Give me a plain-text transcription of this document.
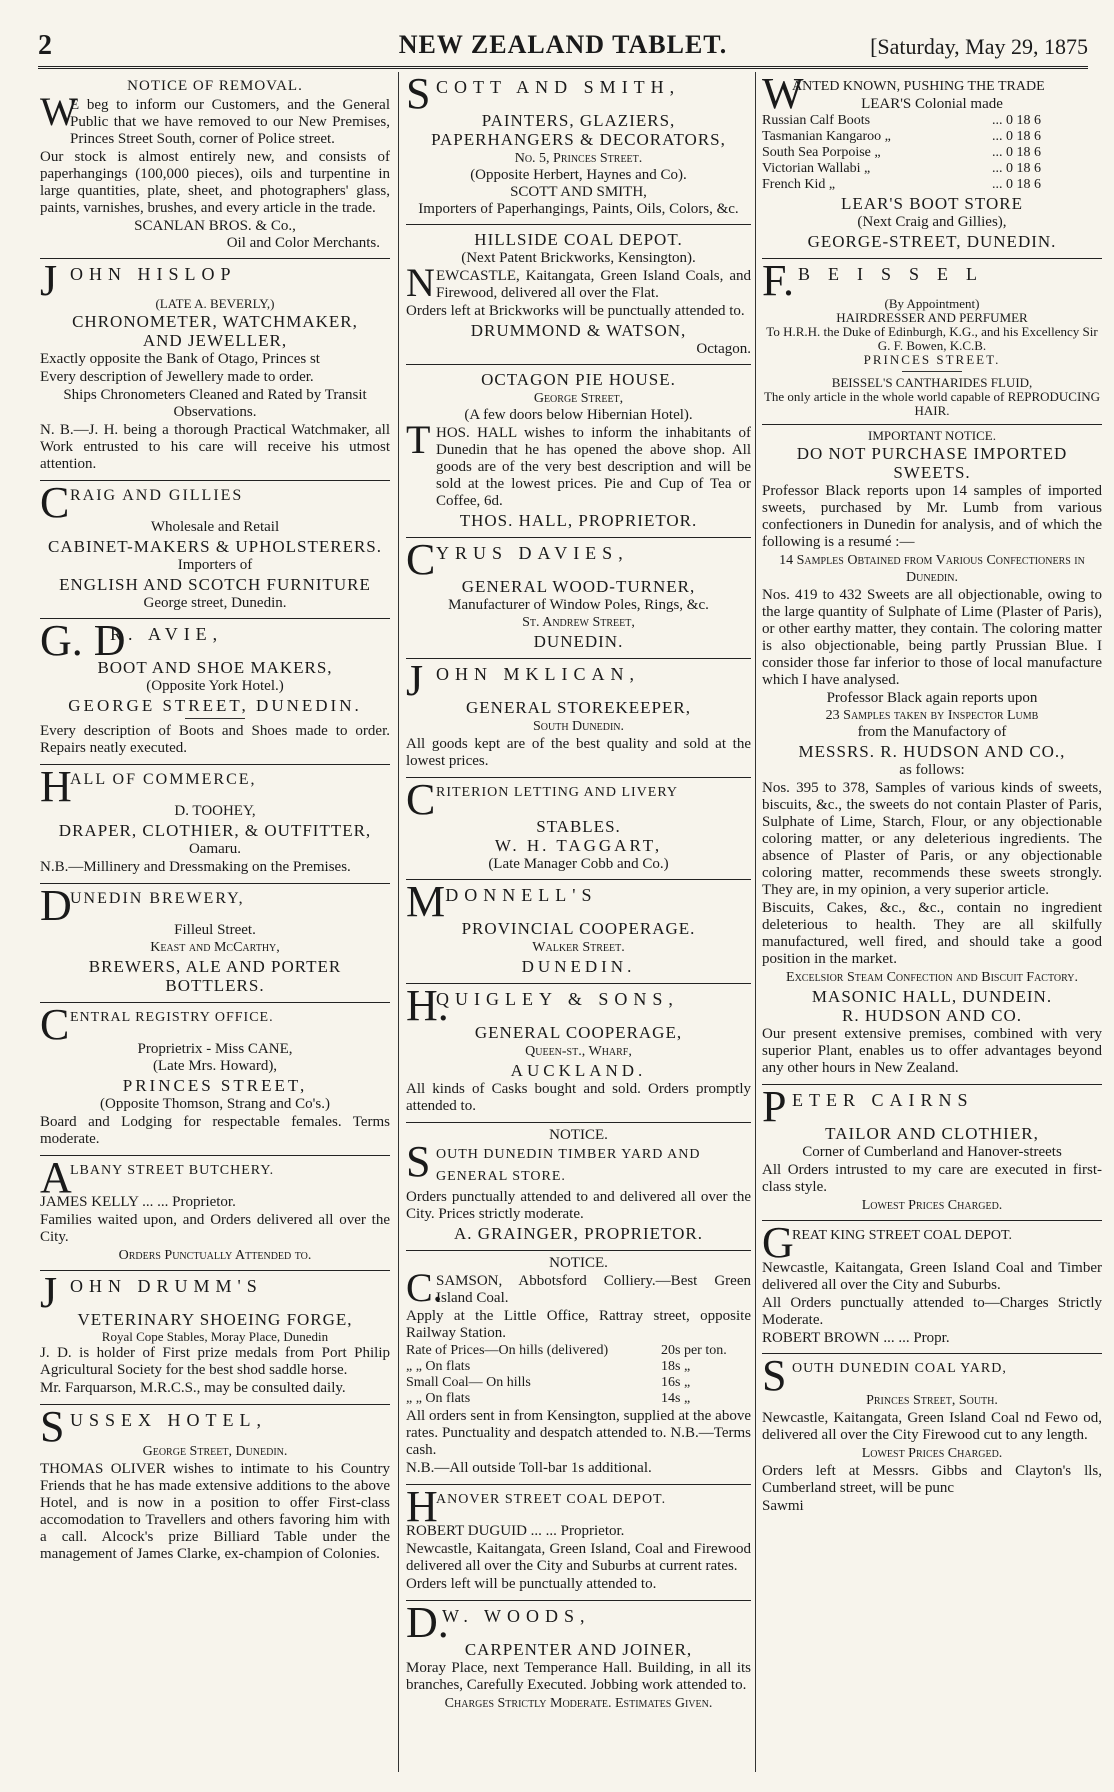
NEW ZEALAND TABLET.
2	[Saturday, May 29, 1875
NOTICE OF REMOVAL.

W
E beg to inform our Customers, and the General Public that we have removed to our New Premises, Princes Street South, corner of Police street.

Our stock is almost entirely new, and consists of paperhangings (100,000 pieces), oils and turpentine in large quantities, plate, sheet, and photographers' glass, paints, varnishes, brushes, and every article in the trade.

SCANLAN BROS. & Co.,
Oil and Color Merchants.
J OHN HISLOP
(LATE A. BEVERLY,)
CHRONOMETER, WATCHMAKER,
AND JEWELLER,

Exactly opposite the Bank of Otago, Princes st

Every description of Jewellery made to order.

Ships Chronometers Cleaned and Rated by Transit Observations.

N. B.—J. H. being a thorough Practical Watchmaker, all Work entrusted to his care will receive his utmost attention.

C RAIG AND GILLIES
Wholesale and Retail
CABINET-MAKERS & UPHOLSTERERS.
Importers of
ENGLISH AND SCOTCH FURNITURE
George street, Dunedin.
G. D
R. AVIE,
BOOT AND SHOE MAKERS,
(Opposite York Hotel.)
GEORGE STREET, DUNEDIN.

Every description of Boots and Shoes made to order. Repairs neatly executed.

H
ALL OF COMMERCE,
D. TOOHEY,
DRAPER, CLOTHIER, & OUTFITTER,
Oamaru.

N.B.—Millinery and Dressmaking on the Premises.

D
UNEDIN BREWERY,
Filleul Street.
Keast and McCarthy,
BREWERS, ALE AND PORTER
BOTTLERS.
C ENTRAL REGISTRY OFFICE.
Proprietrix - Miss CANE,
(Late Mrs. Howard),
PRINCES STREET,
(Opposite Thomson, Strang and Co's.)

Board and Lodging for respectable females. Terms moderate.

A
LBANY STREET BUTCHERY.
JAMES KELLY ... ... Proprietor.

Families waited upon, and Orders delivered all over the City.

Orders Punctually Attended to.
J OHN DRUMM'S
VETERINARY SHOEING FORGE,
Royal Cope Stables, Moray Place, Dunedin

J. D. is holder of First prize medals from Port Philip Agricultural Society for the best shod saddle horse.

Mr. Farquarson, M.R.C.S., may be consulted daily.

S USSEX HOTEL,
George Street, Dunedin.

THOMAS OLIVER wishes to intimate to his Country Friends that he has made extensive additions to the above Hotel, and is now in a position to offer First-class accomodation to Travellers and others favoring him with a call. Alcock's prize Billiard Table under the management of James Clarke, ex-champion of Colonies.

S COTT AND SMITH,
PAINTERS, GLAZIERS,
PAPERHANGERS & DECORATORS,
No. 5, Princes Street.
(Opposite Herbert, Haynes and Co).
SCOTT AND SMITH,
Importers of Paperhangings, Paints, Oils, Colors, &c.
HILLSIDE COAL DEPOT.
(Next Patent Brickworks, Kensington).

N EWCASTLE, Kaitangata, Green Island Coals, and Firewood, delivered all over the Flat.

Orders left at Brickworks will be punctually attended to.

DRUMMOND & WATSON,
Octagon.
OCTAGON PIE HOUSE.
George Street,
(A few doors below Hibernian Hotel).

T HOS. HALL wishes to inform the inhabitants of Dunedin that he has opened the above shop. All goods are of the very best description and will be sold at the lowest prices. Pie and Cup of Tea or Coffee, 6d.

THOS. HALL, PROPRIETOR.
C YRUS DAVIES,
GENERAL WOOD-TURNER,
Manufacturer of Window Poles, Rings, &c.
St. Andrew Street,
DUNEDIN.
J OHN MKLICAN,
GENERAL STOREKEEPER,
South Dunedin.

All goods kept are of the best quality and sold at the lowest prices.

C RITERION LETTING AND LIVERY
STABLES.
W. H. TAGGART,
(Late Manager Cobb and Co.)
M
'DONNELL'S
PROVINCIAL COOPERAGE.
Walker Street.
DUNEDIN.
H.
QUIGLEY & SONS,
GENERAL COOPERAGE,
Queen-st., Wharf,
AUCKLAND.

All kinds of Casks bought and sold. Orders promptly attended to.

NOTICE.
S OUTH DUNEDIN TIMBER YARD AND GENERAL STORE.

Orders punctually attended to and delivered all over the City. Prices strictly moderate.

A. GRAINGER, PROPRIETOR.
NOTICE.

C.
SAMSON, Abbotsford Colliery.—Best Green Island Coal.

Apply at the Little Office, Rattray street, opposite Railway Station.

Rate of Prices—On hills (delivered)	20s per ton.
„ „ On flats	18s „
Small Coal— On hills	16s „
„ „ On flats	14s „

All orders sent in from Kensington, supplied at the above rates. Punctuality and despatch attended to. N.B.—Terms cash.

N.B.—All outside Toll-bar 1s additional.

H
ANOVER STREET COAL DEPOT.
ROBERT DUGUID ... ... Proprietor.

Newcastle, Kaitangata, Green Island, Coal and Firewood delivered all over the City and Suburbs at current rates.

Orders left will be punctually attended to.

D.
W. WOODS,
CARPENTER AND JOINER,

Moray Place, next Temperance Hall. Building, in all its branches, Carefully Executed. Jobbing work attended to.

Charges Strictly Moderate. Estimates Given.
W
ANTED KNOWN, PUSHING THE TRADE
LEAR'S Colonial made
Russian Calf Boots	... 0 18 6
Tasmanian Kangaroo „	... 0 18 6
South Sea Porpoise „	... 0 18 6
Victorian Wallabi „	... 0 18 6
French Kid „	... 0 18 6
LEAR'S BOOT STORE
(Next Craig and Gillies),
GEORGE-STREET, DUNEDIN.
F. BEISSEL
(By Appointment)
HAIRDRESSER AND PERFUMER
To H.R.H. the Duke of Edinburgh, K.G., and his Excellency Sir G. F. Bowen, K.C.B.
PRINCES STREET.
BEISSEL'S CANTHARIDES FLUID,
The only article in the whole world capable of REPRODUCING HAIR.
IMPORTANT NOTICE.
DO NOT PURCHASE IMPORTED
SWEETS.

Professor Black reports upon 14 samples of imported sweets, purchased by Mr. Lumb from various confectioners in Dunedin for analysis, and of which the following is a resumé :—

14 Samples Obtained from Various Confectioners in Dunedin.

Nos. 419 to 432 Sweets are all objectionable, owing to the large quantity of Sulphate of Lime (Plaster of Paris), or other earthy matter, they contain. The coloring matter is also objectionable, being partly Prussian Blue. I consider those far inferior to those of local manufacture which I have analysed.

Professor Black again reports upon
23 Samples taken by Inspector Lumb
from the Manufactory of
MESSRS. R. HUDSON AND CO.,
as follows:

Nos. 395 to 378, Samples of various kinds of sweets, biscuits, &c., the sweets do not contain Plaster of Paris, Sulphate of Lime, Starch, Flour, or any objectionable coloring matter, or any deleterious ingredients. The absence of Plaster of Paris, or any objectionable coloring matter, recommends these sweets strongly. They are, in my opinion, a very superior article.

Biscuits, Cakes, &c., &c., contain no ingredient deleterious to health. They are all skilfully manufactured, well fired, and should take a good position in the market.

Excelsior Steam Confection and Biscuit Factory.
MASONIC HALL, DUNDEIN.
R. HUDSON AND CO.

Our present extensive premises, combined with very superior Plant, enables us to offer advantages beyond any other hours in New Zealand.

P ETER CAIRNS
TAILOR AND CLOTHIER,
Corner of Cumberland and Hanover-streets

All Orders intrusted to my care are executed in first-class style.

Lowest Prices Charged.
G
REAT KING STREET COAL DEPOT.

Newcastle, Kaitangata, Green Island Coal and Timber delivered all over the City and Suburbs.

All Orders punctually attended to—Charges Strictly Moderate.

ROBERT BROWN ... ... Propr.
S OUTH DUNEDIN COAL YARD,
Princes Street, South.

Newcastle, Kaitangata, Green Island Coal nd Fewo od, delivered all over the City Firewood cut to any length.

Lowest Prices Charged.

Orders left at Messrs. Gibbs and Clayton's lls, Cumberland street, will be punc

Sawmi
